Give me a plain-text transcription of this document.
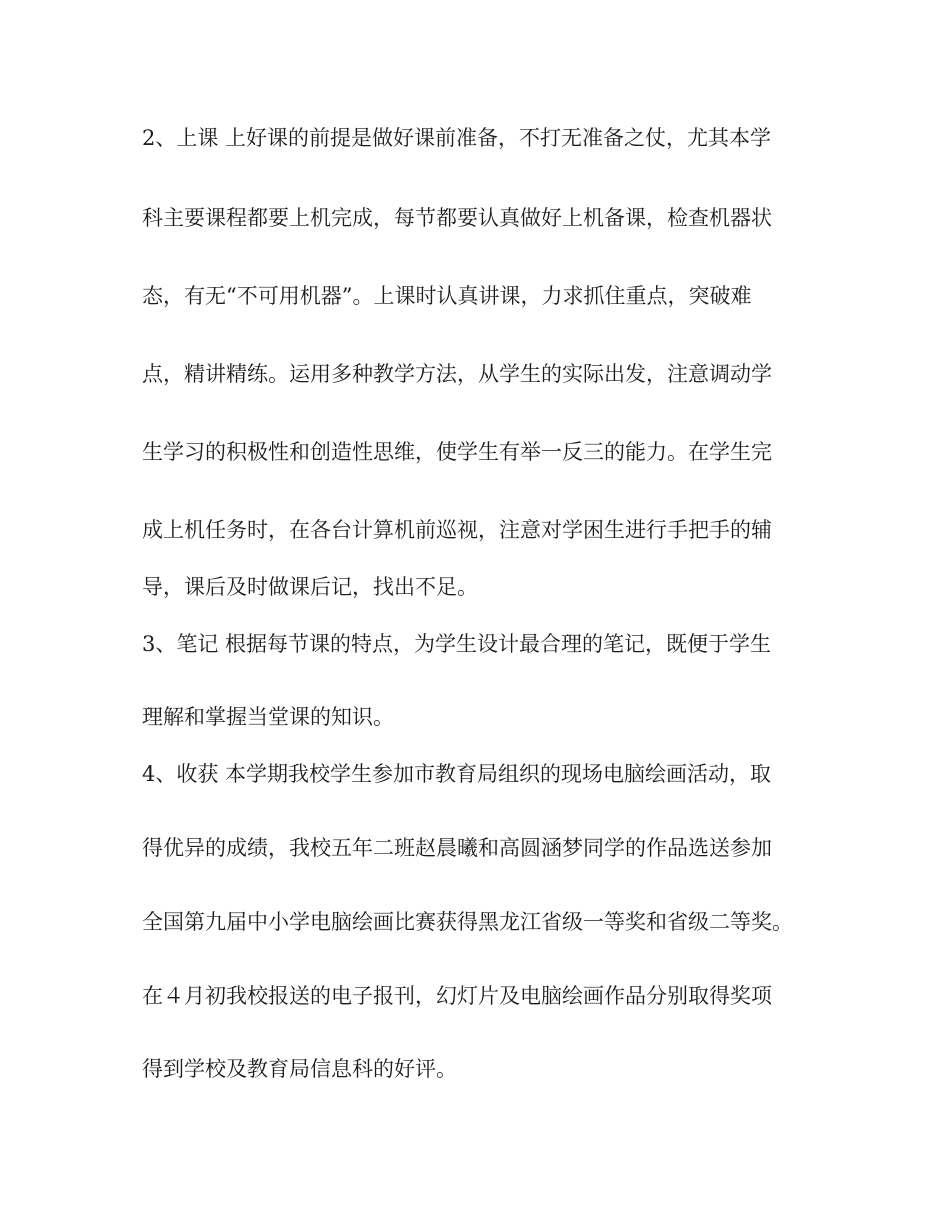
2、上课 上好课的前提是做好课前准备，不打无准备之仗，尤其本学
科主要课程都要上机完成，每节都要认真做好上机备课，检查机器状
态，有无“不可用机器”。上课时认真讲课，力求抓住重点，突破难
点，精讲精练。运用多种教学方法，从学生的实际出发，注意调动学
生学习的积极性和创造性思维，使学生有举一反三的能力。在学生完
成上机任务时，在各台计算机前巡视，注意对学困生进行手把手的辅
导，课后及时做课后记，找出不足。
3、笔记 根据每节课的特点，为学生设计最合理的笔记，既便于学生
理解和掌握当堂课的知识。
4、收获 本学期我校学生参加市教育局组织的现场电脑绘画活动，取
得优异的成绩，我校五年二班赵晨曦和高圆涵梦同学的作品选送参加
全国第九届中小学电脑绘画比赛获得黑龙江省级一等奖和省级二等奖。
在４月初我校报送的电子报刊，幻灯片及电脑绘画作品分别取得奖项
得到学校及教育局信息科的好评。
